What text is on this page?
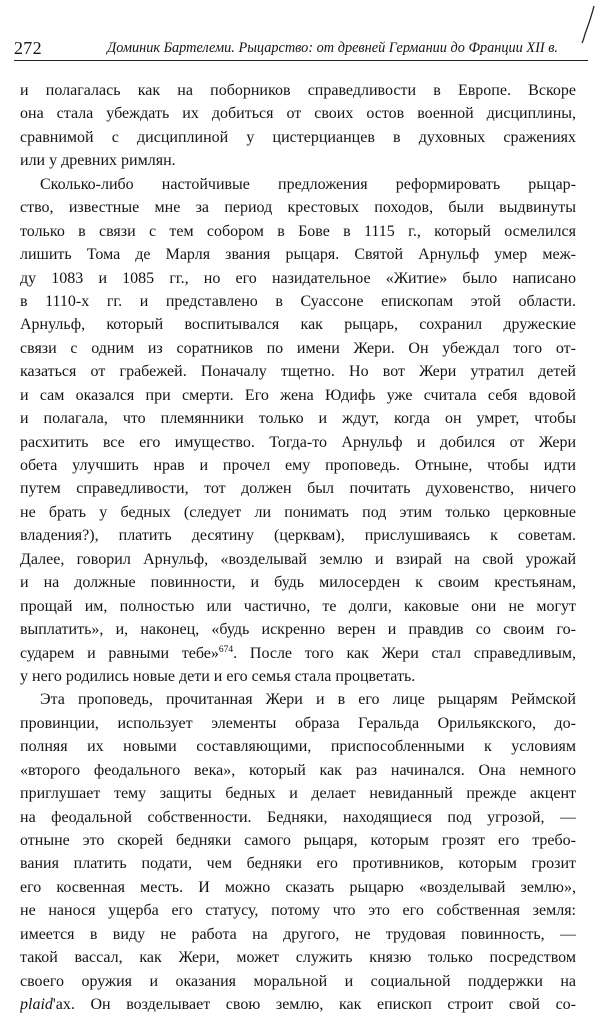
272	Доминик Бартелеми. Рыцарство: от древней Германии до Франции XII в.
и полагалась как на поборников справедливости в Европе. Вскоре
она стала убеждать их добиться от своих остов военной дисциплины,
сравнимой с дисциплиной у цистерцианцев в духовных сражениях
или у древних римлян.
Сколько-либо настойчивые предложения реформировать рыцар-
ство, известные мне за период крестовых походов, были выдвинуты
только в связи с тем собором в Бове в 1115 г., который осмелился
лишить Тома де Марля звания рыцаря. Святой Арнульф умер меж-
ду 1083 и 1085 гг., но его назидательное «Житие» было написано
в 1110-х гг. и представлено в Суассоне епископам этой области.
Арнульф, который воспитывался как рыцарь, сохранил дружеские
связи с одним из соратников по имени Жери. Он убеждал того от-
казаться от грабежей. Поначалу тщетно. Но вот Жери утратил детей
и сам оказался при смерти. Его жена Юдифь уже считала себя вдовой
и полагала, что племянники только и ждут, когда он умрет, чтобы
расхитить все его имущество. Тогда-то Арнульф и добился от Жери
обета улучшить нрав и прочел ему проповедь. Отныне, чтобы идти
путем справедливости, тот должен был почитать духовенство, ничего
не брать у бедных (следует ли понимать под этим только церковные
владения?), платить десятину (церквам), прислушиваясь к советам.
Далее, говорил Арнульф, «возделывай землю и взирай на свой урожай
и на должные повинности, и будь милосерден к своим крестьянам,
прощай им, полностью или частично, те долги, каковые они не могут
выплатить», и, наконец, «будь искренно верен и правдив со своим го-
сударем и равными тебе»$^{674}$. После того как Жери стал справедливым,
у него родились новые дети и его семья стала процветать.
Эта проповедь, прочитанная Жери и в его лице рыцарям Реймской
провинции, использует элементы образа Геральда Орильякского, до-
полняя их новыми составляющими, приспособленными к условиям
«второго феодального века», который как раз начинался. Она немного
приглушает тему защиты бедных и делает невиданный прежде акцент
на феодальной собственности. Бедняки, находящиеся под угрозой, —
отныне это скорей бедняки самого рыцаря, которым грозят его требо-
вания платить подати, чем бедняки его противников, которым грозит
его косвенная месть. И можно сказать рыцарю «возделывай землю»,
не нанося ущерба его статусу, потому что это его собственная земля:
имеется в виду не работа на другого, не трудовая повинность, —
такой вассал, как Жери, может служить князю только посредством
своего оружия и оказания моральной и социальной поддержки на
plaid'ах. Он возделывает свою землю, как епископ строит свой со-
